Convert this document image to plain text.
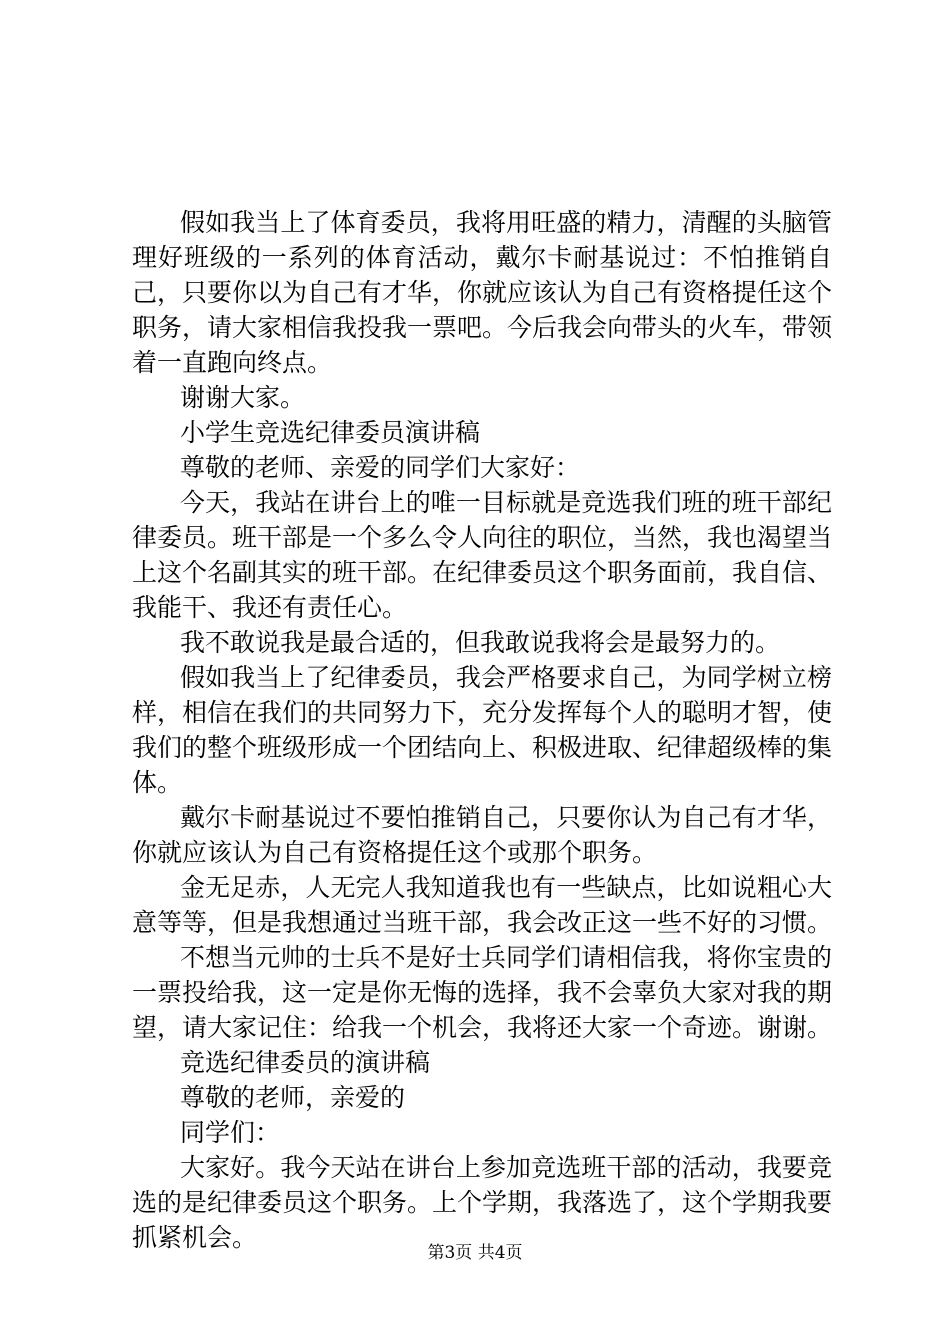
假如我当上了体育委员，我将用旺盛的精力，清醒的头脑管理好班级的一系列的体育活动，戴尔卡耐基说过：不怕推销自己，只要你以为自己有才华，你就应该认为自己有资格提任这个职务，请大家相信我投我一票吧。今后我会向带头的火车，带领着一直跑向终点。

谢谢大家。

小学生竞选纪律委员演讲稿

尊敬的老师、亲爱的同学们大家好：

今天，我站在讲台上的唯一目标就是竞选我们班的班干部纪律委员。班干部是一个多么令人向往的职位，当然，我也渴望当上这个名副其实的班干部。在纪律委员这个职务面前，我自信、我能干、我还有责任心。

我不敢说我是最合适的，但我敢说我将会是最努力的。

假如我当上了纪律委员，我会严格要求自己，为同学树立榜样，相信在我们的共同努力下，充分发挥每个人的聪明才智，使我们的整个班级形成一个团结向上、积极进取、纪律超级棒的集体。

戴尔卡耐基说过不要怕推销自己，只要你认为自己有才华，你就应该认为自己有资格提任这个或那个职务。

金无足赤，人无完人我知道我也有一些缺点，比如说粗心大意等等，但是我想通过当班干部，我会改正这一些不好的习惯。

不想当元帅的士兵不是好士兵同学们请相信我，将你宝贵的一票投给我，这一定是你无悔的选择，我不会辜负大家对我的期望，请大家记住：给我一个机会，我将还大家一个奇迹。谢谢。

竞选纪律委员的演讲稿

尊敬的老师，亲爱的

同学们：

大家好。我今天站在讲台上参加竞选班干部的活动，我要竞选的是纪律委员这个职务。上个学期，我落选了，这个学期我要抓紧机会。

第3页 共4页
